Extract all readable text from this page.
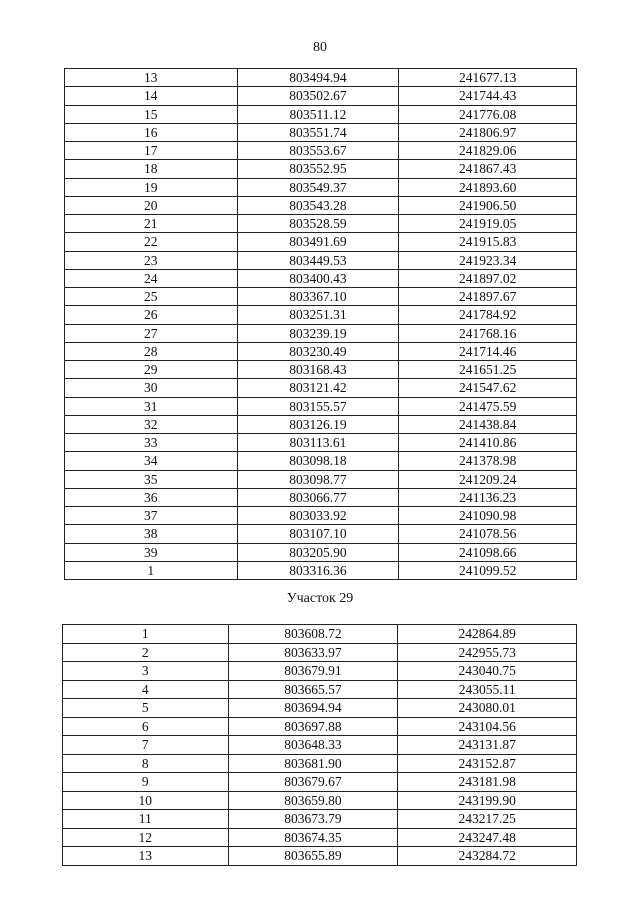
80
13	803494.94	241677.13
14	803502.67	241744.43
15	803511.12	241776.08
16	803551.74	241806.97
17	803553.67	241829.06
18	803552.95	241867.43
19	803549.37	241893.60
20	803543.28	241906.50
21	803528.59	241919.05
22	803491.69	241915.83
23	803449.53	241923.34
24	803400.43	241897.02
25	803367.10	241897.67
26	803251.31	241784.92
27	803239.19	241768.16
28	803230.49	241714.46
29	803168.43	241651.25
30	803121.42	241547.62
31	803155.57	241475.59
32	803126.19	241438.84
33	803113.61	241410.86
34	803098.18	241378.98
35	803098.77	241209.24
36	803066.77	241136.23
37	803033.92	241090.98
38	803107.10	241078.56
39	803205.90	241098.66
1	803316.36	241099.52
Участок 29
1	803608.72	242864.89
2	803633.97	242955.73
3	803679.91	243040.75
4	803665.57	243055.11
5	803694.94	243080.01
6	803697.88	243104.56
7	803648.33	243131.87
8	803681.90	243152.87
9	803679.67	243181.98
10	803659.80	243199.90
11	803673.79	243217.25
12	803674.35	243247.48
13	803655.89	243284.72
